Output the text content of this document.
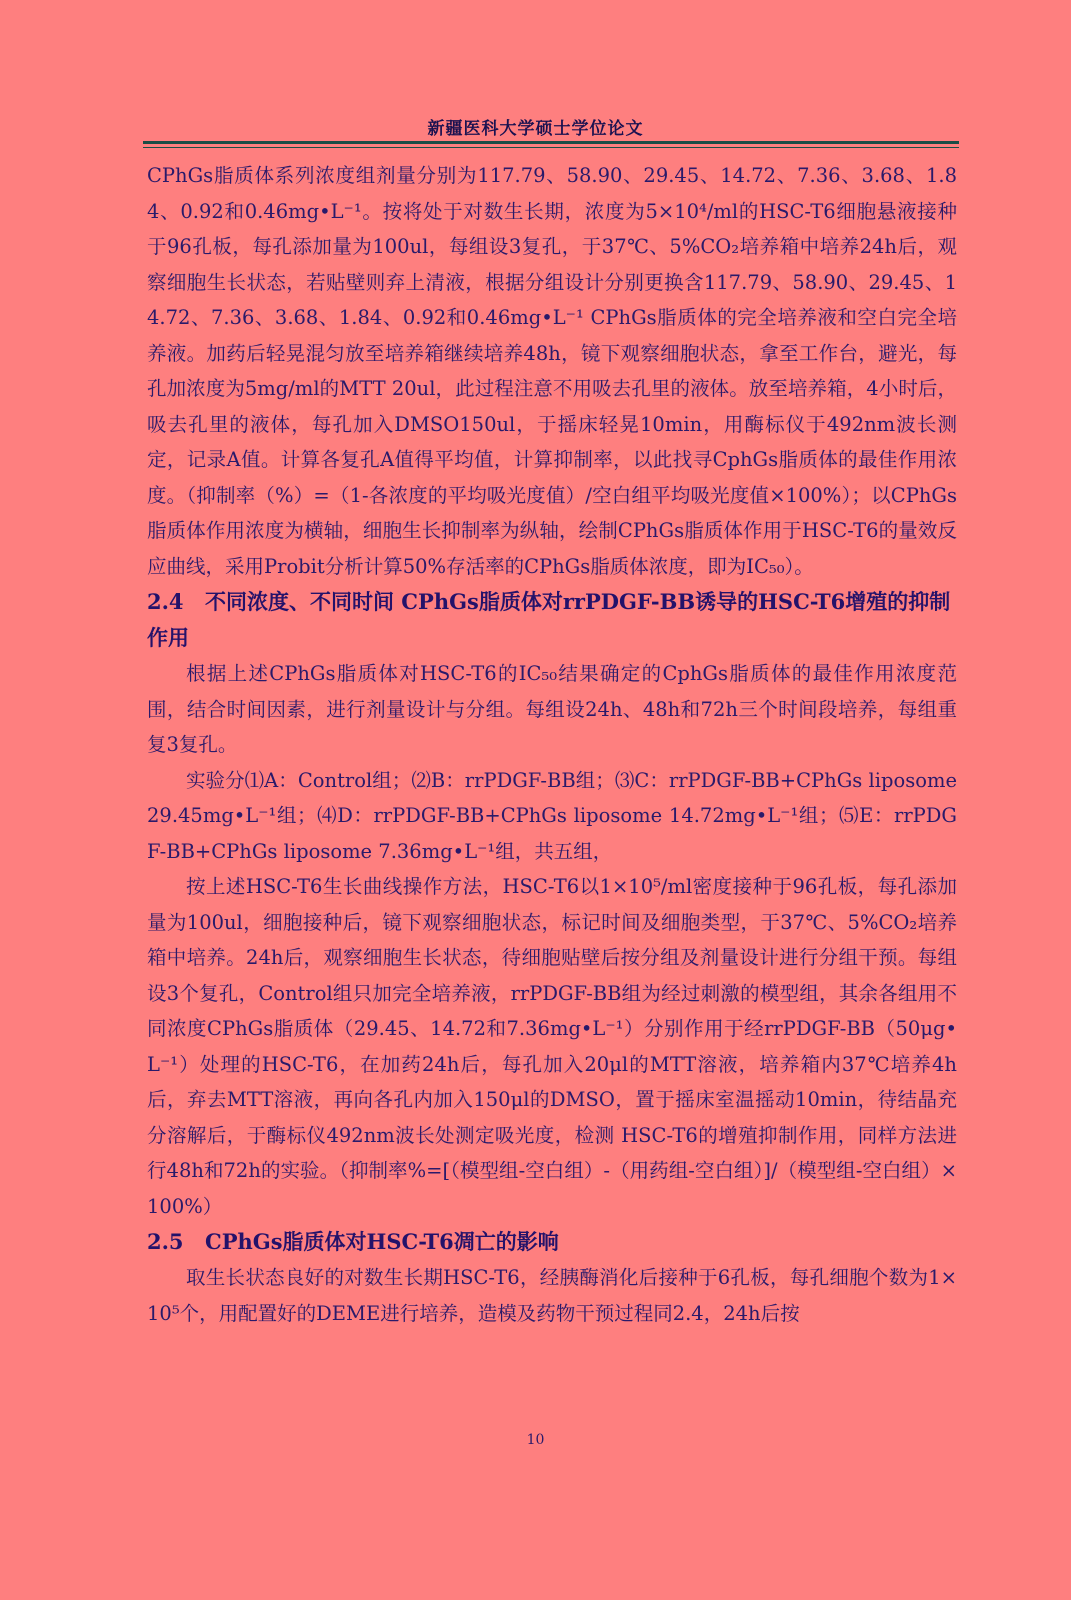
新疆医科大学硕士学位论文

CPhGs脂质体系列浓度组剂量分别为117.79、58.90、29.45、14.72、7.36、3.68、1.84、0.92和0.46mg•L⁻¹。按将处于对数生长期，浓度为5×10⁴/ml的HSC-T6细胞悬液接种于96孔板，每孔添加量为100ul，每组设3复孔，于37℃、5%CO₂培养箱中培养24h后，观察细胞生长状态，若贴壁则弃上清液，根据分组设计分别更换含117.79、58.90、29.45、14.72、7.36、3.68、1.84、0.92和0.46mg•L⁻¹ CPhGs脂质体的完全培养液和空白完全培养液。加药后轻晃混匀放至培养箱继续培养48h，镜下观察细胞状态，拿至工作台，避光，每孔加浓度为5mg/ml的MTT 20ul，此过程注意不用吸去孔里的液体。放至培养箱，4小时后，吸去孔里的液体，每孔加入DMSO150ul，于摇床轻晃10min，用酶标仪于492nm波长测定，记录A值。计算各复孔A值得平均值，计算抑制率，以此找寻CphGs脂质体的最佳作用浓度。（抑制率（%）=（1-各浓度的平均吸光度值）/空白组平均吸光度值×100%）；以CPhGs脂质体作用浓度为横轴，细胞生长抑制率为纵轴，绘制CPhGs脂质体作用于HSC-T6的量效反应曲线，采用Probit分析计算50%存活率的CPhGs脂质体浓度，即为IC₅₀）。

2.4 不同浓度、不同时间 CPhGs脂质体对rrPDGF-BB诱导的HSC-T6增殖的抑制作用

根据上述CPhGs脂质体对HSC-T6的IC₅₀结果确定的CphGs脂质体的最佳作用浓度范围，结合时间因素，进行剂量设计与分组。每组设24h、48h和72h三个时间段培养，每组重复3复孔。

实验分⑴A：Control组；⑵B：rrPDGF-BB组；⑶C：rrPDGF-BB+CPhGs liposome 29.45mg•L⁻¹组；⑷D：rrPDGF-BB+CPhGs liposome 14.72mg•L⁻¹组；⑸E：rrPDGF-BB+CPhGs liposome 7.36mg•L⁻¹组，共五组，

按上述HSC-T6生长曲线操作方法，HSC-T6以1×10⁵/ml密度接种于96孔板，每孔添加量为100ul，细胞接种后，镜下观察细胞状态，标记时间及细胞类型，于37℃、5%CO₂培养箱中培养。24h后，观察细胞生长状态，待细胞贴壁后按分组及剂量设计进行分组干预。每组设3个复孔，Control组只加完全培养液，rrPDGF-BB组为经过刺激的模型组，其余各组用不同浓度CPhGs脂质体（29.45、14.72和7.36mg•L⁻¹）分别作用于经rrPDGF-BB（50μg•L⁻¹）处理的HSC-T6，在加药24h后，每孔加入20μl的MTT溶液，培养箱内37℃培养4h后，弃去MTT溶液，再向各孔内加入150μl的DMSO，置于摇床室温摇动10min，待结晶充分溶解后，于酶标仪492nm波长处测定吸光度，检测 HSC-T6的增殖抑制作用，同样方法进行48h和72h的实验。（抑制率%=[（模型组-空白组）-（用药组-空白组）]/（模型组-空白组）×100%）

2.5 CPhGs脂质体对HSC-T6凋亡的影响

取生长状态良好的对数生长期HSC-T6，经胰酶消化后接种于6孔板，每孔细胞个数为1×10⁵个，用配置好的DEME进行培养，造模及药物干预过程同2.4，24h后按

10
